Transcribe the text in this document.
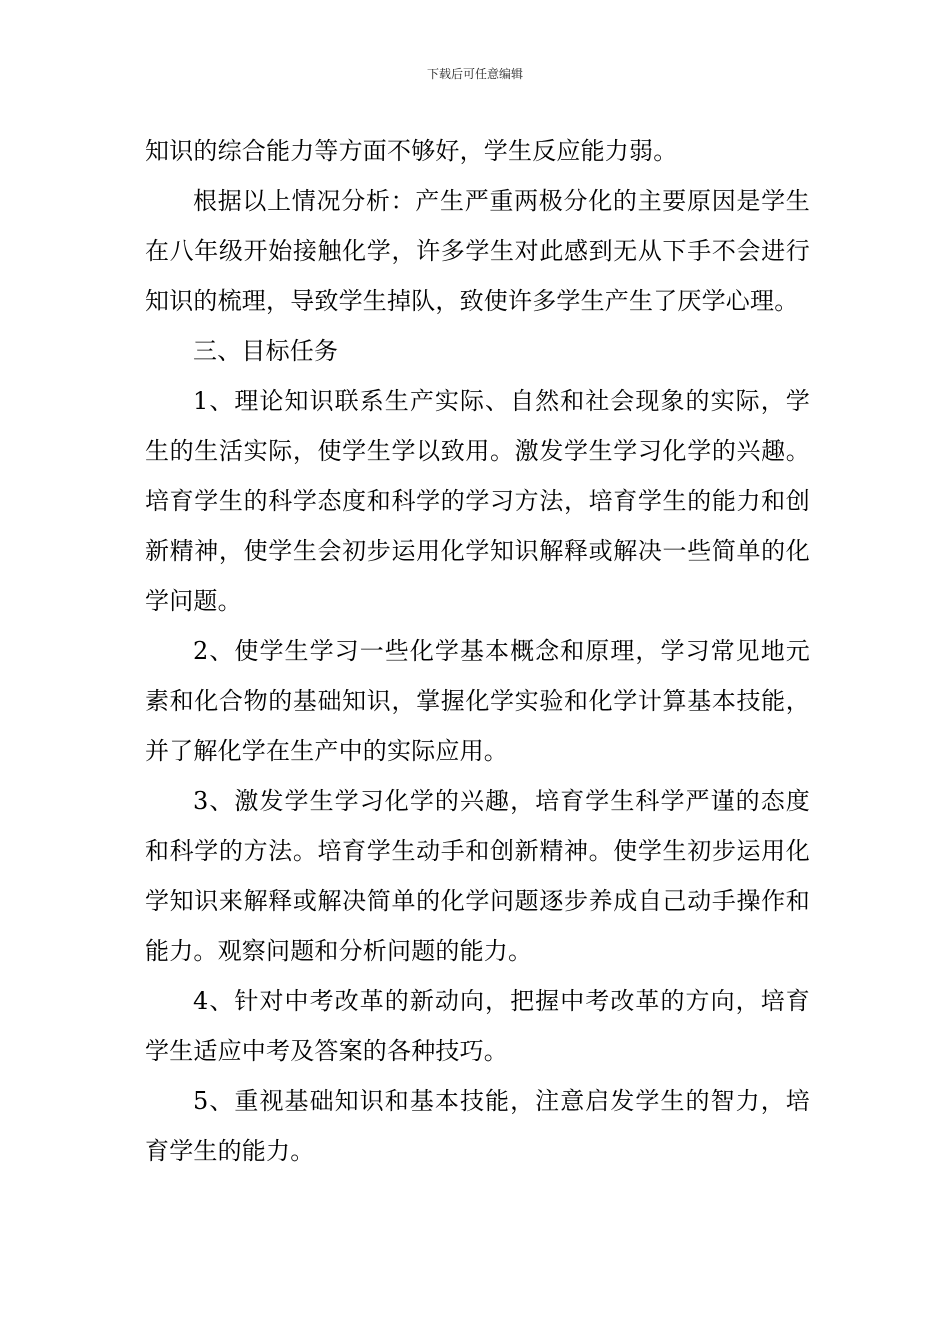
下载后可任意编辑

知识的综合能力等方面不够好，学生反应能力弱。

根据以上情况分析：产生严重两极分化的主要原因是学生在八年级开始接触化学，许多学生对此感到无从下手不会进行知识的梳理，导致学生掉队，致使许多学生产生了厌学心理。

三、目标任务

1、理论知识联系生产实际、自然和社会现象的实际，学生的生活实际，使学生学以致用。激发学生学习化学的兴趣。培育学生的科学态度和科学的学习方法，培育学生的能力和创新精神，使学生会初步运用化学知识解释或解决一些简单的化学问题。

2、使学生学习一些化学基本概念和原理，学习常见地元素和化合物的基础知识，掌握化学实验和化学计算基本技能，并了解化学在生产中的实际应用。

3、激发学生学习化学的兴趣，培育学生科学严谨的态度和科学的方法。培育学生动手和创新精神。使学生初步运用化学知识来解释或解决简单的化学问题逐步养成自己动手操作和能力。观察问题和分析问题的能力。

4、针对中考改革的新动向，把握中考改革的方向，培育学生适应中考及答案的各种技巧。

5、重视基础知识和基本技能，注意启发学生的智力，培育学生的能力。
